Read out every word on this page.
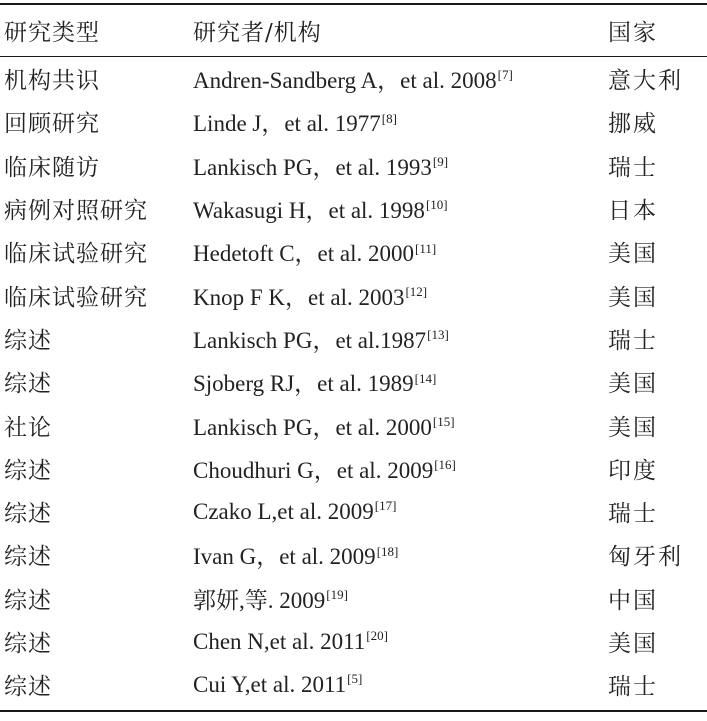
研究类型	研究者/机构	国家
机构共识	Andren-Sandberg A，et al. 2008[7]	意大利
回顾研究	Linde J，et al. 1977[8]	挪威
临床随访	Lankisch PG，et al. 1993[9]	瑞士
病例对照研究	Wakasugi H，et al. 1998[10]	日本
临床试验研究	Hedetoft C，et al. 2000[11]	美国
临床试验研究	Knop F K，et al. 2003[12]	美国
综述	Lankisch PG，et al.1987[13]	瑞士
综述	Sjoberg RJ，et al. 1989[14]	美国
社论	Lankisch PG，et al. 2000[15]	美国
综述	Choudhuri G，et al. 2009[16]	印度
综述	Czako L,et al. 2009[17]	瑞士
综述	Ivan G，et al. 2009[18]	匈牙利
综述	郭妍,等. 2009[19]	中国
综述	Chen N,et al. 2011[20]	美国
综述	Cui Y,et al. 2011[5]	瑞士
